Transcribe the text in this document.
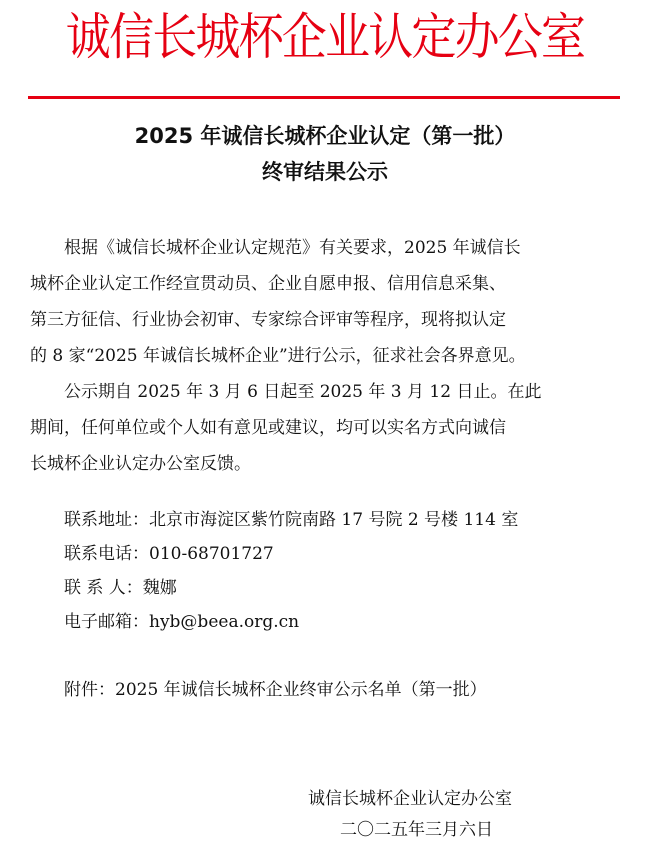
诚信长城杯企业认定办公室
2025 年诚信长城杯企业认定（第一批）
终审结果公示
根据《诚信长城杯企业认定规范》有关要求，2025 年诚信长
城杯企业认定工作经宣贯动员、企业自愿申报、信用信息采集、
第三方征信、行业协会初审、专家综合评审等程序，现将拟认定
的 8 家“2025 年诚信长城杯企业”进行公示，征求社会各界意见。
公示期自 2025 年 3 月 6 日起至 2025 年 3 月 12 日止。在此
期间，任何单位或个人如有意见或建议，均可以实名方式向诚信
长城杯企业认定办公室反馈。
联系地址：北京市海淀区紫竹院南路 17 号院 2 号楼 114 室
联系电话：010-68701727
联 系 人：魏娜
电子邮箱：hyb@beea.org.cn
附件：2025 年诚信长城杯企业终审公示名单（第一批）
诚信长城杯企业认定办公室
二〇二五年三月六日
